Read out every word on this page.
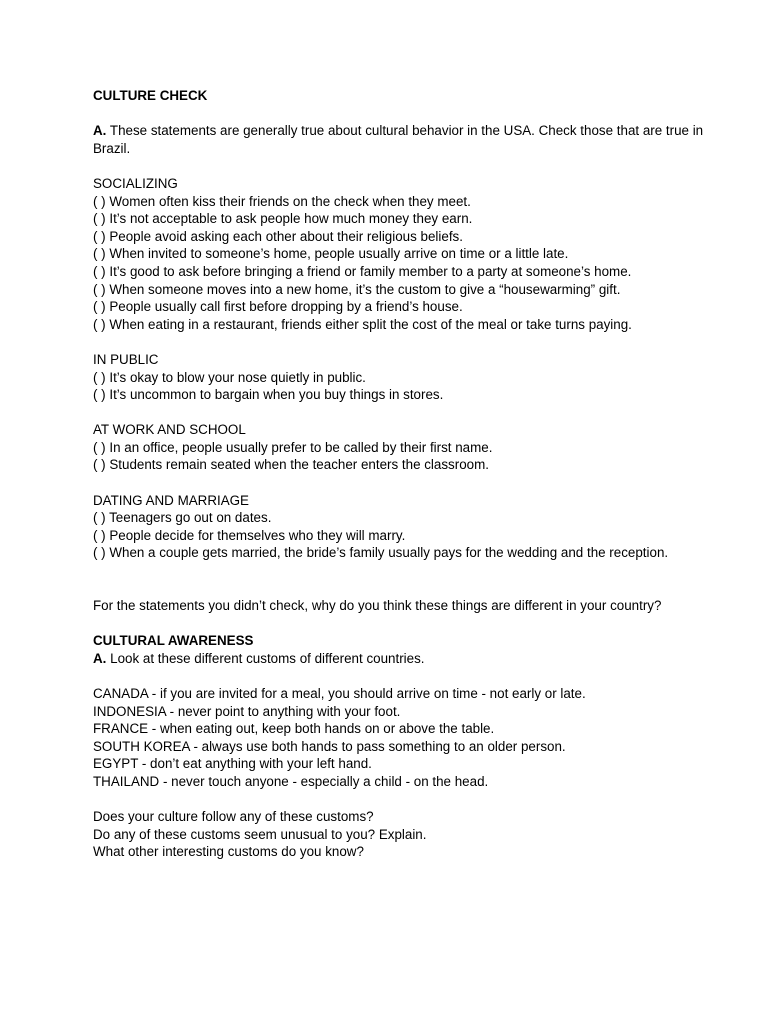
CULTURE CHECK

A. These statements are generally true about cultural behavior in the USA. Check those that are true in Brazil.

SOCIALIZING

( ) Women often kiss their friends on the check when they meet.

( ) It’s not acceptable to ask people how much money they earn.

( ) People avoid asking each other about their religious beliefs.

( ) When invited to someone’s home, people usually arrive on time or a little late.

( ) It’s good to ask before bringing a friend or family member to a party at someone’s home.

( ) When someone moves into a new home, it’s the custom to give a “housewarming” gift.

( ) People usually call first before dropping by a friend’s house.

( ) When eating in a restaurant, friends either split the cost of the meal or take turns paying.

IN PUBLIC

( ) It’s okay to blow your nose quietly in public.

( ) It’s uncommon to bargain when you buy things in stores.

AT WORK AND SCHOOL

( ) In an office, people usually prefer to be called by their first name.

( ) Students remain seated when the teacher enters the classroom.

DATING AND MARRIAGE

( ) Teenagers go out on dates.

( ) People decide for themselves who they will marry.

( ) When a couple gets married, the bride’s family usually pays for the wedding and the reception.

For the statements you didn’t check, why do you think these things are different in your country?

CULTURAL AWARENESS

A. Look at these different customs of different countries.

CANADA - if you are invited for a meal, you should arrive on time - not early or late.

INDONESIA - never point to anything with your foot.

FRANCE - when eating out, keep both hands on or above the table.

SOUTH KOREA - always use both hands to pass something to an older person.

EGYPT - don’t eat anything with your left hand.

THAILAND - never touch anyone - especially a child - on the head.

Does your culture follow any of these customs?

Do any of these customs seem unusual to you? Explain.

What other interesting customs do you know?
